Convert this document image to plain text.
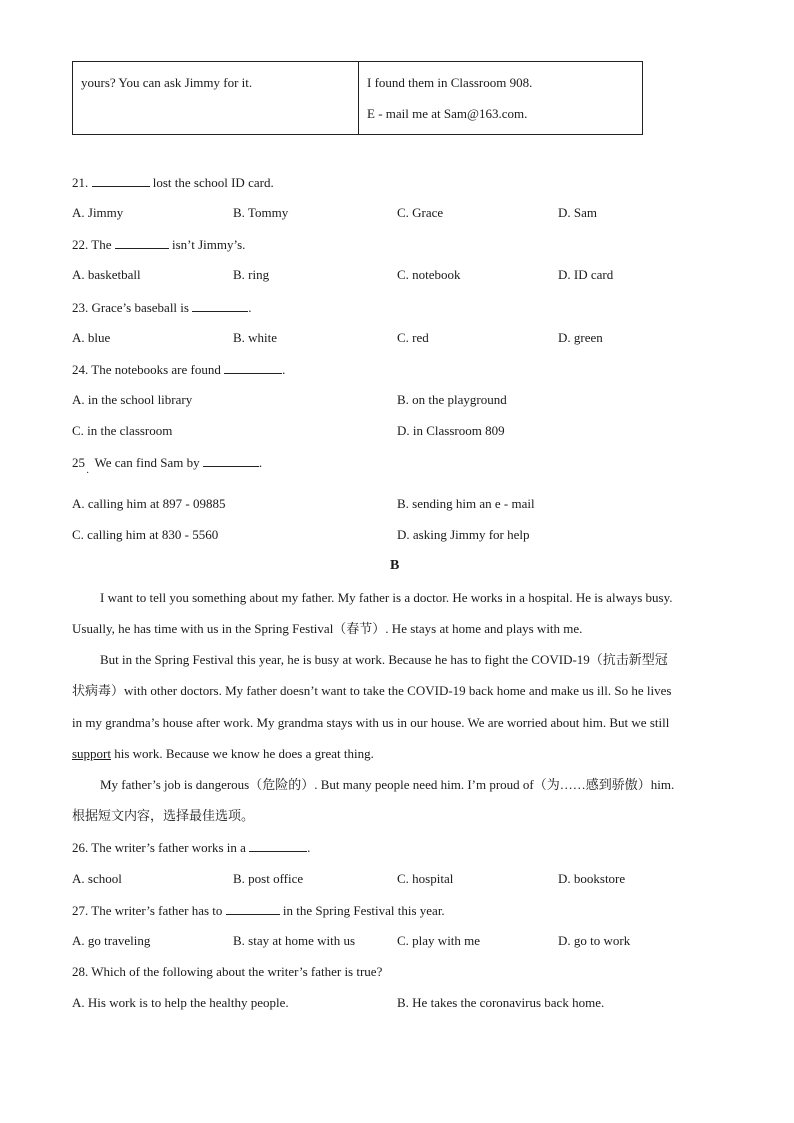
yours? You can ask Jimmy for it.	I found them in Classroom 908.
E - mail me at Sam@163.com.
21.	lost the school ID card.
A. Jimmy	B. Tommy	C. Grace	D. Sam
22. The	isn’t Jimmy’s.
A. basketball	B. ring	C. notebook	D. ID card
23. Grace’s baseball is	.
A. blue	B. white	C. red	D. green
24. The notebooks are found	.
A. in the school library	B. on the playground
C. in the classroom	D. in Classroom 809
25   We can find Sam by	.
·
A. calling him at 897 - 09885	B. sending him an e - mail
C. calling him at 830 - 5560	D. asking Jimmy for help
B
I want to tell you something about my father. My father is a doctor. He works in a hospital. He is always busy.
Usually, he has time with us in the Spring Festival（春节）. He stays at home and plays with me.
But in the Spring Festival this year, he is busy at work. Because he has to fight the COVID-19（抗击新型冠
状病毒）with other doctors. My father doesn’t want to take the COVID-19 back home and make us ill. So he lives
in my grandma’s house after work. My grandma stays with us in our house. We are worried about him. But we still
support his work. Because we know he does a great thing.
My father’s job is dangerous（危险的）. But many people need him. I’m proud of（为……感到骄傲）him.
根据短文内容，选择最佳选项。
26. The writer’s father works in a	.
A. school	B. post office	C. hospital	D. bookstore
27. The writer’s father has to	in the Spring Festival this year.
A. go traveling	B. stay at home with us	C. play with me	D. go to work
28. Which of the following about the writer’s father is true?
A. His work is to help the healthy people.	B. He takes the coronavirus back home.
